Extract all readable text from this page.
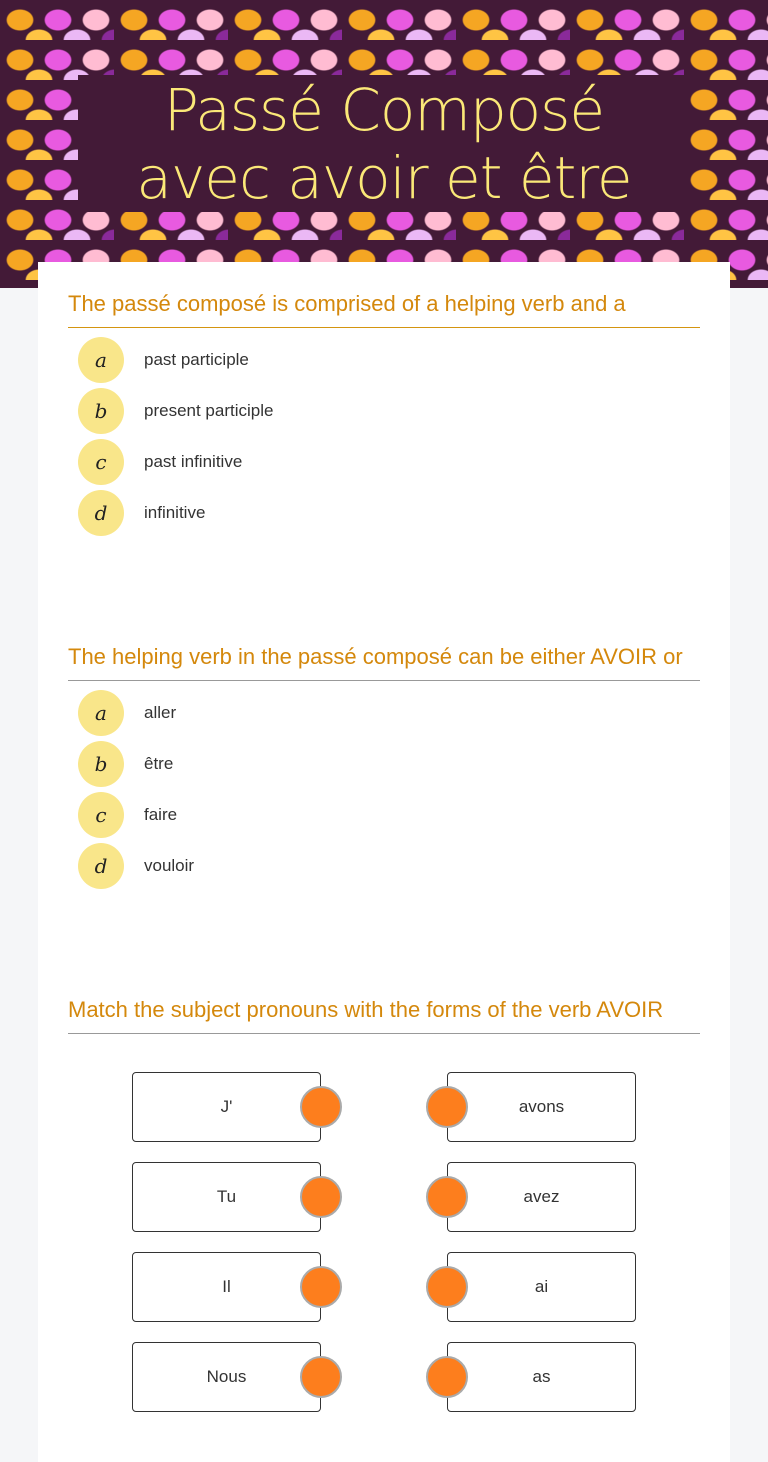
Passé Composé
avec avoir et être
The passé composé is comprised of a helping verb and a
a	past participle
b	present participle
c	past infinitive
d	infinitive
The helping verb in the passé composé can be either AVOIR or
a	aller
b	être
c	faire
d	vouloir
Match the subject pronouns with the forms of the verb AVOIR
J'
Tu
Il
Nous
avons
avez
ai
as
